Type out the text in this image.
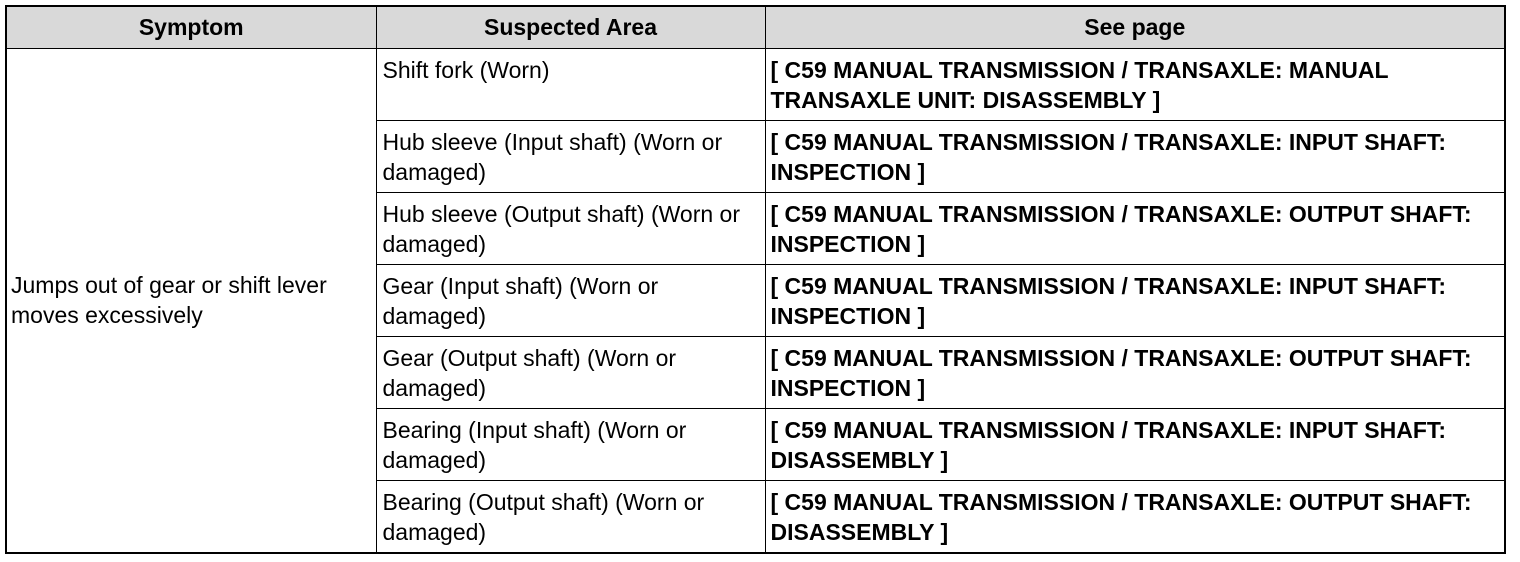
Symptom	Suspected Area	See page
Jumps out of gear or shift lever moves excessively	Shift fork (Worn)	[ C59 MANUAL TRANSMISSION / TRANSAXLE: MANUAL TRANSAXLE UNIT: DISASSEMBLY ]
	Hub sleeve (Input shaft) (Worn or damaged)	[ C59 MANUAL TRANSMISSION / TRANSAXLE: INPUT SHAFT: INSPECTION ]
	Hub sleeve (Output shaft) (Worn or damaged)	[ C59 MANUAL TRANSMISSION / TRANSAXLE: OUTPUT SHAFT: INSPECTION ]
	Gear (Input shaft) (Worn or damaged)	[ C59 MANUAL TRANSMISSION / TRANSAXLE: INPUT SHAFT: INSPECTION ]
	Gear (Output shaft) (Worn or damaged)	[ C59 MANUAL TRANSMISSION / TRANSAXLE: OUTPUT SHAFT: INSPECTION ]
	Bearing (Input shaft) (Worn or damaged)	[ C59 MANUAL TRANSMISSION / TRANSAXLE: INPUT SHAFT: DISASSEMBLY ]
	Bearing (Output shaft) (Worn or damaged)	[ C59 MANUAL TRANSMISSION / TRANSAXLE: OUTPUT SHAFT: DISASSEMBLY ]
